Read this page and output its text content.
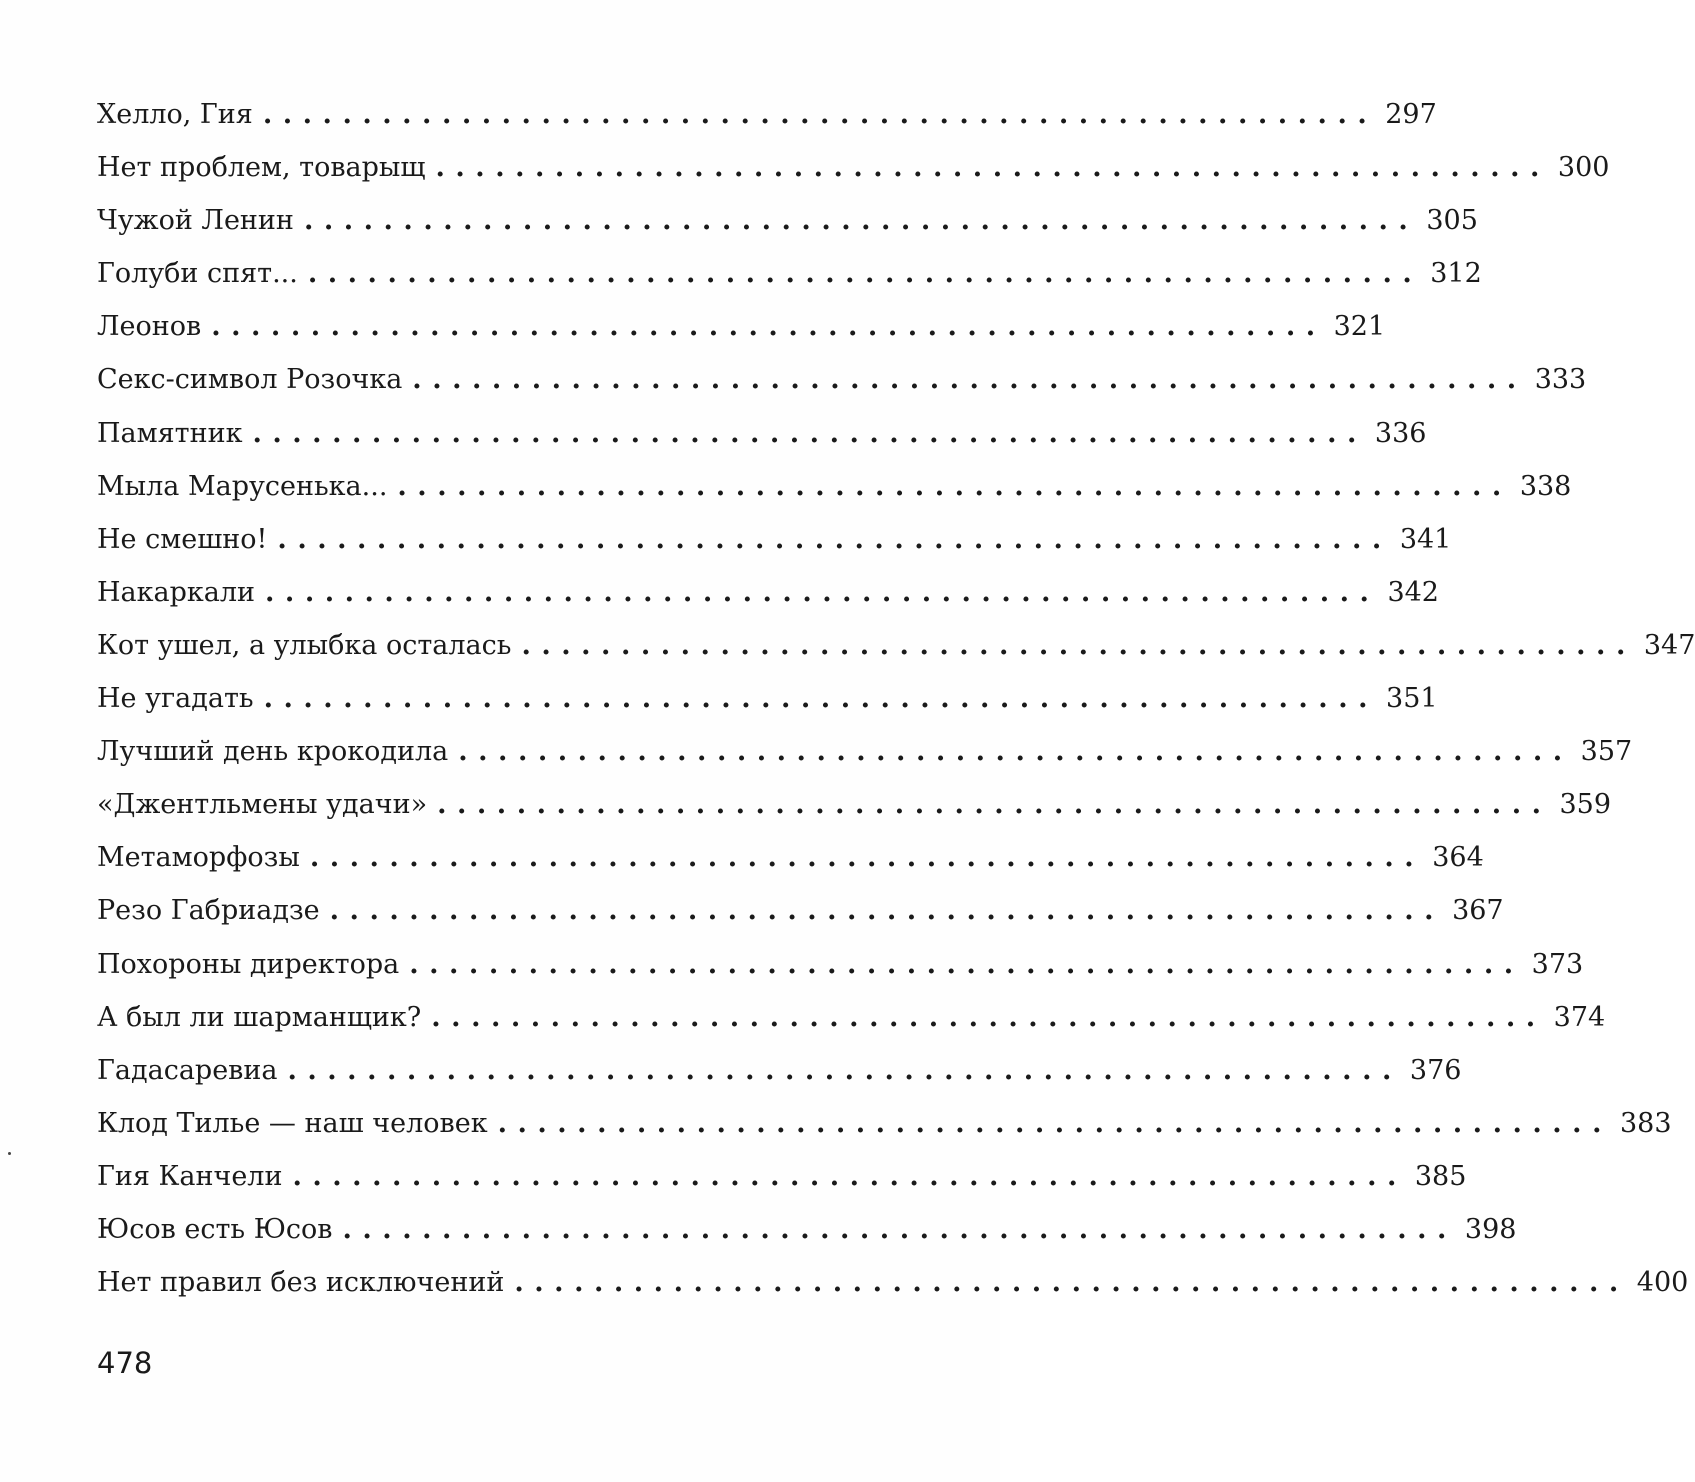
Хелло, Гия ........................................................ 297
Нет проблем, товарыщ ........................................................ 300
Чужой Ленин ........................................................ 305
Голуби спят... ........................................................ 312
Леонов ........................................................ 321
Секс-символ Розочка ........................................................ 333
Памятник ........................................................ 336
Мыла Марусенька... ........................................................ 338
Не смешно! ........................................................ 341
Накаркали ........................................................ 342
Кот ушел, а улыбка осталась ........................................................ 347
Не угадать ........................................................ 351
Лучший день крокодила ........................................................ 357
«Джентльмены удачи» ........................................................ 359
Метаморфозы ........................................................ 364
Резо Габриадзе ........................................................ 367
Похороны директора ........................................................ 373
А был ли шарманщик? ........................................................ 374
Гадасаревиа ........................................................ 376
Клод Тилье — наш человек ........................................................ 383
Гия Канчели ........................................................ 385
Юсов есть Юсов ........................................................ 398
Нет правил без исключений ........................................................ 400
478
